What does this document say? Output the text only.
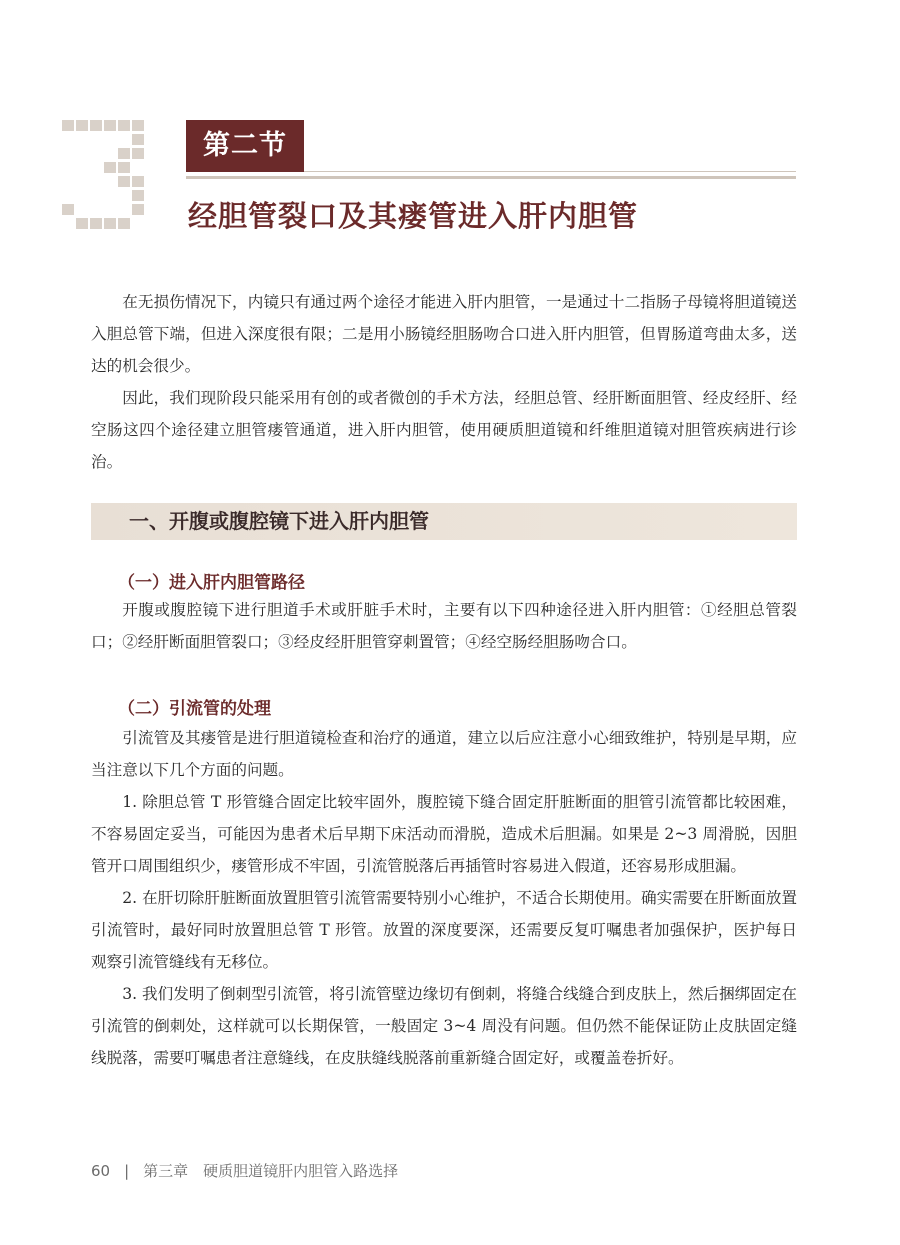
第二节
经胆管裂口及其瘘管进入肝内胆管

在无损伤情况下，内镜只有通过两个途径才能进入肝内胆管，一是通过十二指肠子母镜将胆道镜送入胆总管下端，但进入深度很有限；二是用小肠镜经胆肠吻合口进入肝内胆管，但胃肠道弯曲太多，送达的机会很少。

因此，我们现阶段只能采用有创的或者微创的手术方法，经胆总管、经肝断面胆管、经皮经肝、经空肠这四个途径建立胆管瘘管通道，进入肝内胆管，使用硬质胆道镜和纤维胆道镜对胆管疾病进行诊治。

一、开腹或腹腔镜下进入肝内胆管
（一）进入肝内胆管路径

开腹或腹腔镜下进行胆道手术或肝脏手术时，主要有以下四种途径进入肝内胆管：①经胆总管裂口；②经肝断面胆管裂口；③经皮经肝胆管穿刺置管；④经空肠经胆肠吻合口。

（二）引流管的处理

引流管及其瘘管是进行胆道镜检查和治疗的通道，建立以后应注意小心细致维护，特别是早期，应当注意以下几个方面的问题。

1. 除胆总管 T 形管缝合固定比较牢固外，腹腔镜下缝合固定肝脏断面的胆管引流管都比较困难，不容易固定妥当，可能因为患者术后早期下床活动而滑脱，造成术后胆漏。如果是 2~3 周滑脱，因胆管开口周围组织少，瘘管形成不牢固，引流管脱落后再插管时容易进入假道，还容易形成胆漏。

2. 在肝切除肝脏断面放置胆管引流管需要特别小心维护，不适合长期使用。确实需要在肝断面放置引流管时，最好同时放置胆总管 T 形管。放置的深度要深，还需要反复叮嘱患者加强保护，医护每日观察引流管缝线有无移位。

3. 我们发明了倒刺型引流管，将引流管壁边缘切有倒刺，将缝合线缝合到皮肤上，然后捆绑固定在引流管的倒刺处，这样就可以长期保管，一般固定 3~4 周没有问题。但仍然不能保证防止皮肤固定缝线脱落，需要叮嘱患者注意缝线，在皮肤缝线脱落前重新缝合固定好，或覆盖卷折好。

60 | 第三章　硬质胆道镜肝内胆管入路选择
